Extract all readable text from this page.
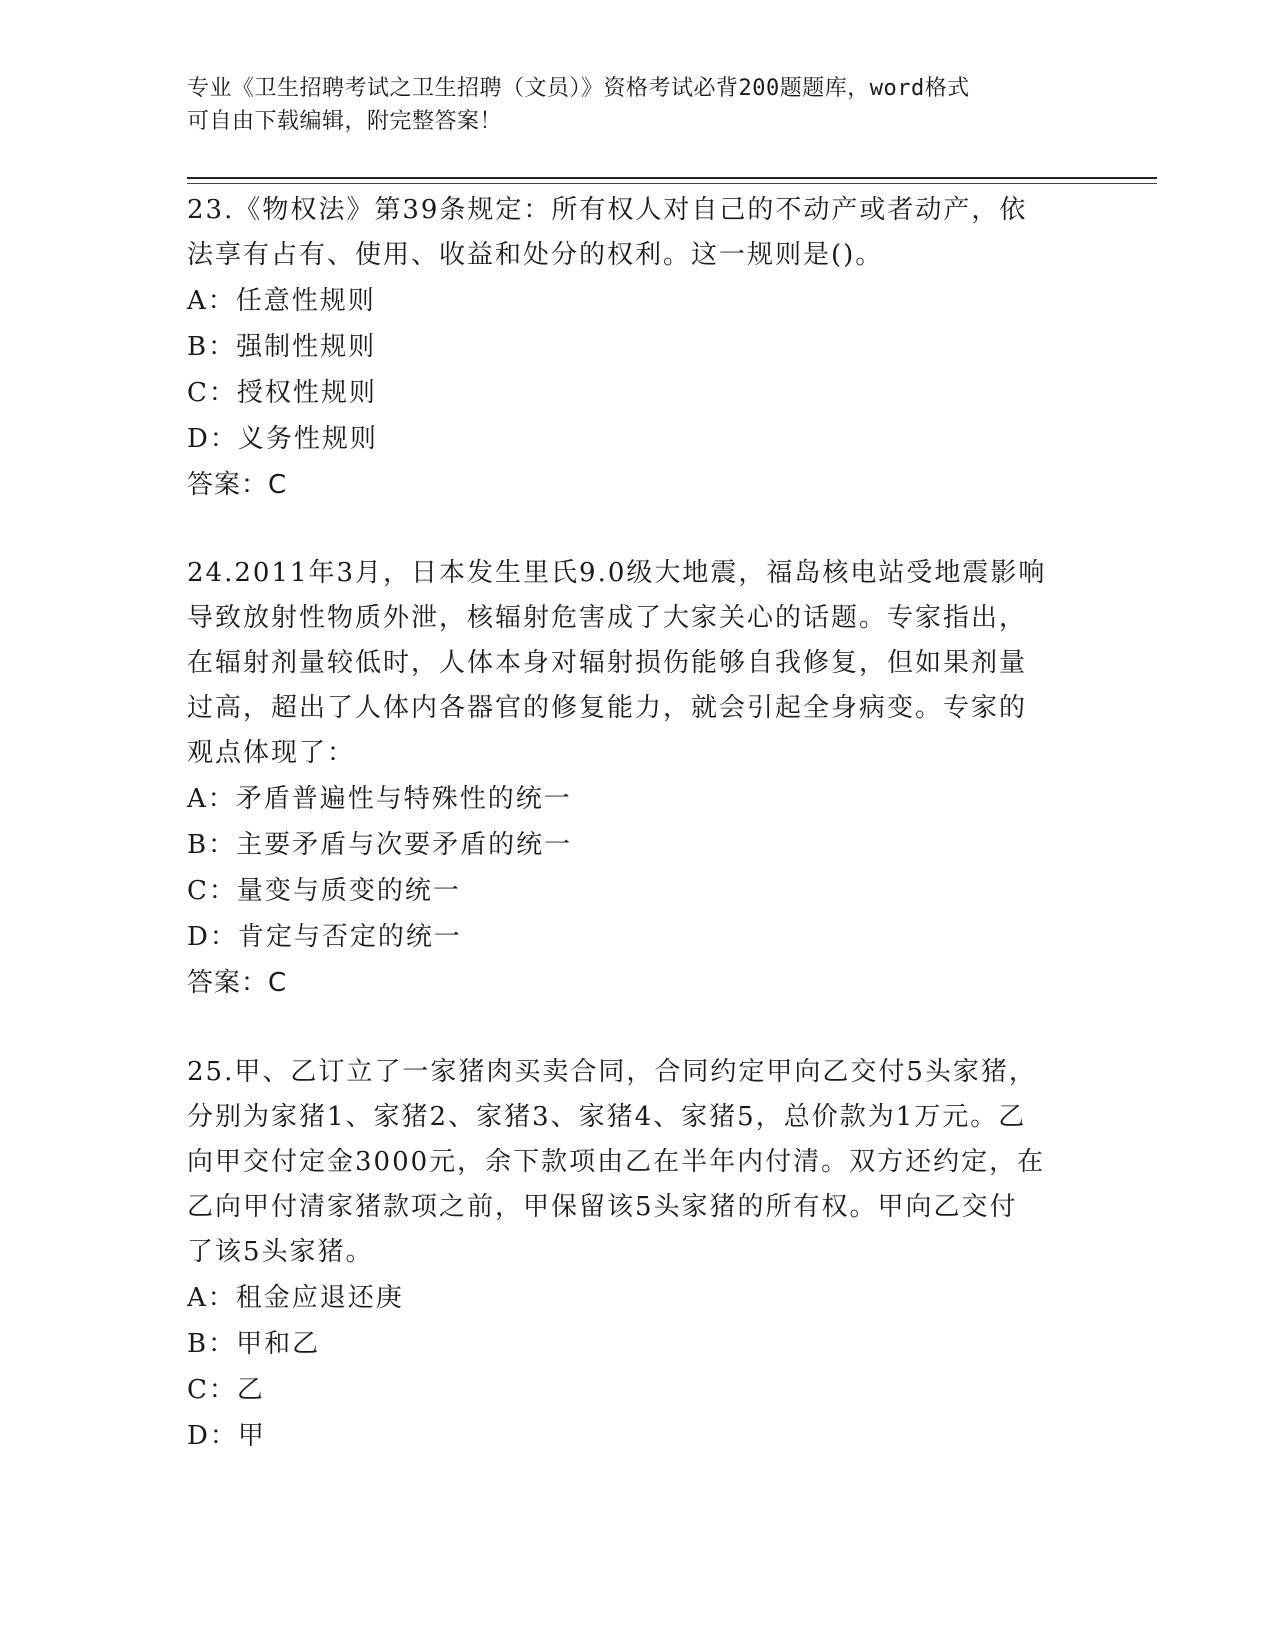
专业《卫生招聘考试之卫生招聘（文员）》资格考试必背200题题库，word格式
可自由下载编辑，附完整答案！

23.《物权法》第39条规定：所有权人对自己的不动产或者动产，依

法享有占有、使用、收益和处分的权利。这一规则是()。

A：任意性规则

B：强制性规则

C：授权性规则

D：义务性规则

答案：C

24.2011年3月，日本发生里氏9.0级大地震，福岛核电站受地震影响

导致放射性物质外泄，核辐射危害成了大家关心的话题。专家指出，

在辐射剂量较低时，人体本身对辐射损伤能够自我修复，但如果剂量

过高，超出了人体内各器官的修复能力，就会引起全身病变。专家的

观点体现了：

A：矛盾普遍性与特殊性的统一

B：主要矛盾与次要矛盾的统一

C：量变与质变的统一

D：肯定与否定的统一

答案：C

25.甲、乙订立了一家猪肉买卖合同，合同约定甲向乙交付5头家猪，

分别为家猪1、家猪2、家猪3、家猪4、家猪5，总价款为1万元。乙

向甲交付定金3000元，余下款项由乙在半年内付清。双方还约定，在

乙向甲付清家猪款项之前，甲保留该5头家猪的所有权。甲向乙交付

了该5头家猪。

A：租金应退还庚

B：甲和乙

C：乙

D：甲
